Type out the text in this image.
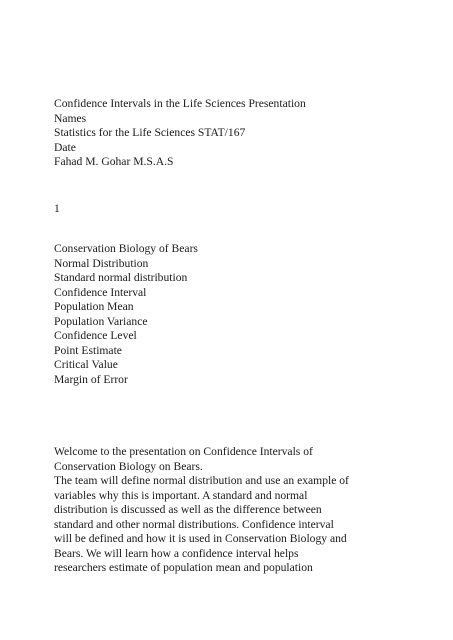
Confidence Intervals in the Life Sciences Presentation
Names
Statistics for the Life Sciences STAT/167
Date
Fahad M. Gohar M.S.A.S
1
Conservation Biology of Bears
Normal Distribution
Standard normal distribution
Confidence Interval
Population Mean
Population Variance
Confidence Level
Point Estimate
Critical Value
Margin of Error
Welcome to the presentation on Confidence Intervals of
Conservation Biology on Bears.
The team will define normal distribution and use an example of
variables why this is important. A standard and normal
distribution is discussed as well as the difference between
standard and other normal distributions. Confidence interval
will be defined and how it is used in Conservation Biology and
Bears. We will learn how a confidence interval helps
researchers estimate of population mean and population
